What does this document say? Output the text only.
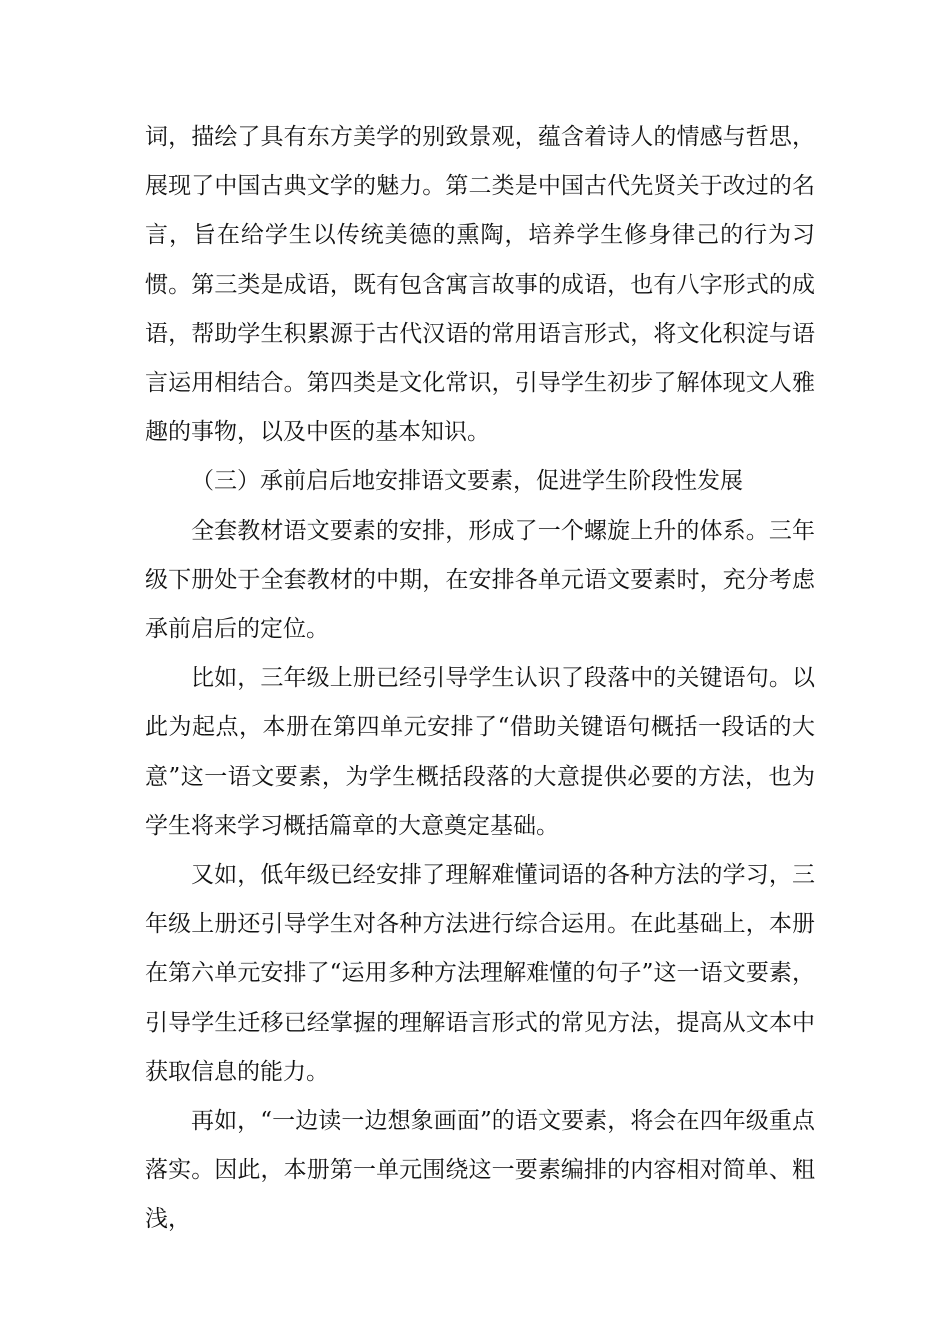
词，描绘了具有东方美学的别致景观，蕴含着诗人的情感与哲思，展现了中国古典文学的魅力。第二类是中国古代先贤关于改过的名言，旨在给学生以传统美德的熏陶，培养学生修身律己的行为习惯。第三类是成语，既有包含寓言故事的成语，也有八字形式的成语，帮助学生积累源于古代汉语的常用语言形式，将文化积淀与语言运用相结合。第四类是文化常识，引导学生初步了解体现文人雅趣的事物，以及中医的基本知识。

（三）承前启后地安排语文要素，促进学生阶段性发展

全套教材语文要素的安排，形成了一个螺旋上升的体系。三年级下册处于全套教材的中期，在安排各单元语文要素时，充分考虑承前启后的定位。

比如，三年级上册已经引导学生认识了段落中的关键语句。以此为起点，本册在第四单元安排了“借助关键语句概括一段话的大意”这一语文要素，为学生概括段落的大意提供必要的方法，也为学生将来学习概括篇章的大意奠定基础。

又如，低年级已经安排了理解难懂词语的各种方法的学习，三年级上册还引导学生对各种方法进行综合运用。在此基础上，本册在第六单元安排了“运用多种方法理解难懂的句子”这一语文要素，引导学生迁移已经掌握的理解语言形式的常见方法，提高从文本中获取信息的能力。

再如，“一边读一边想象画面”的语文要素，将会在四年级重点落实。因此，本册第一单元围绕这一要素编排的内容相对简单、粗浅，
